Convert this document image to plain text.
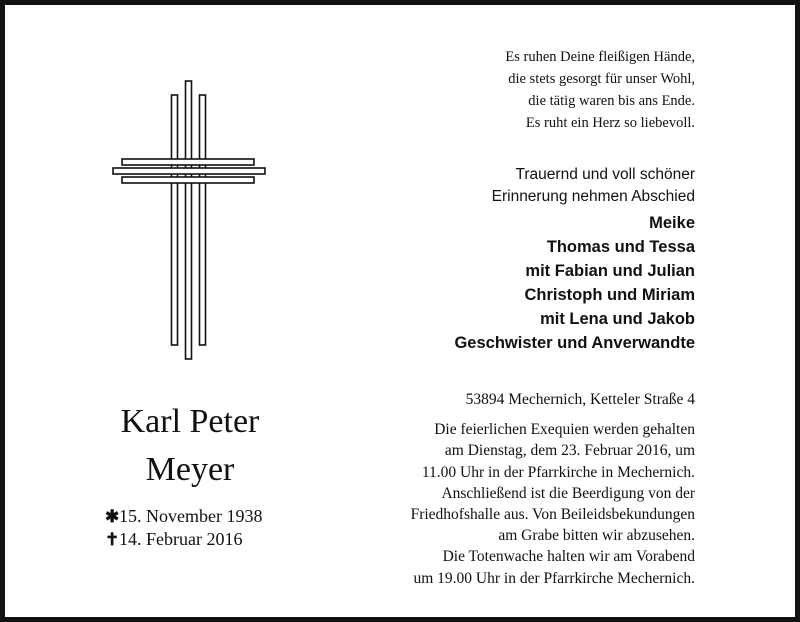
Es ruhen Deine fleißigen Hände,
die stets gesorgt für unser Wohl,
die tätig waren bis ans Ende.
Es ruht ein Herz so liebevoll.
Trauernd und voll schöner
Erinnerung nehmen Abschied
Meike
Thomas und Tessa
mit Fabian und Julian
Christoph und Miriam
mit Lena und Jakob
Geschwister und Anverwandte
Karl Peter
Meyer
✱ 15. November 1938
✝ 14. Februar 2016
53894 Mechernich, Ketteler Straße 4
Die feierlichen Exequien werden gehalten
am Dienstag, dem 23. Februar 2016, um
11.00 Uhr in der Pfarrkirche in Mechernich.
Anschließend ist die Beerdigung von der
Friedhofshalle aus. Von Beileidsbekundungen
am Grabe bitten wir abzusehen.
Die Totenwache halten wir am Vorabend
um 19.00 Uhr in der Pfarrkirche Mechernich.
